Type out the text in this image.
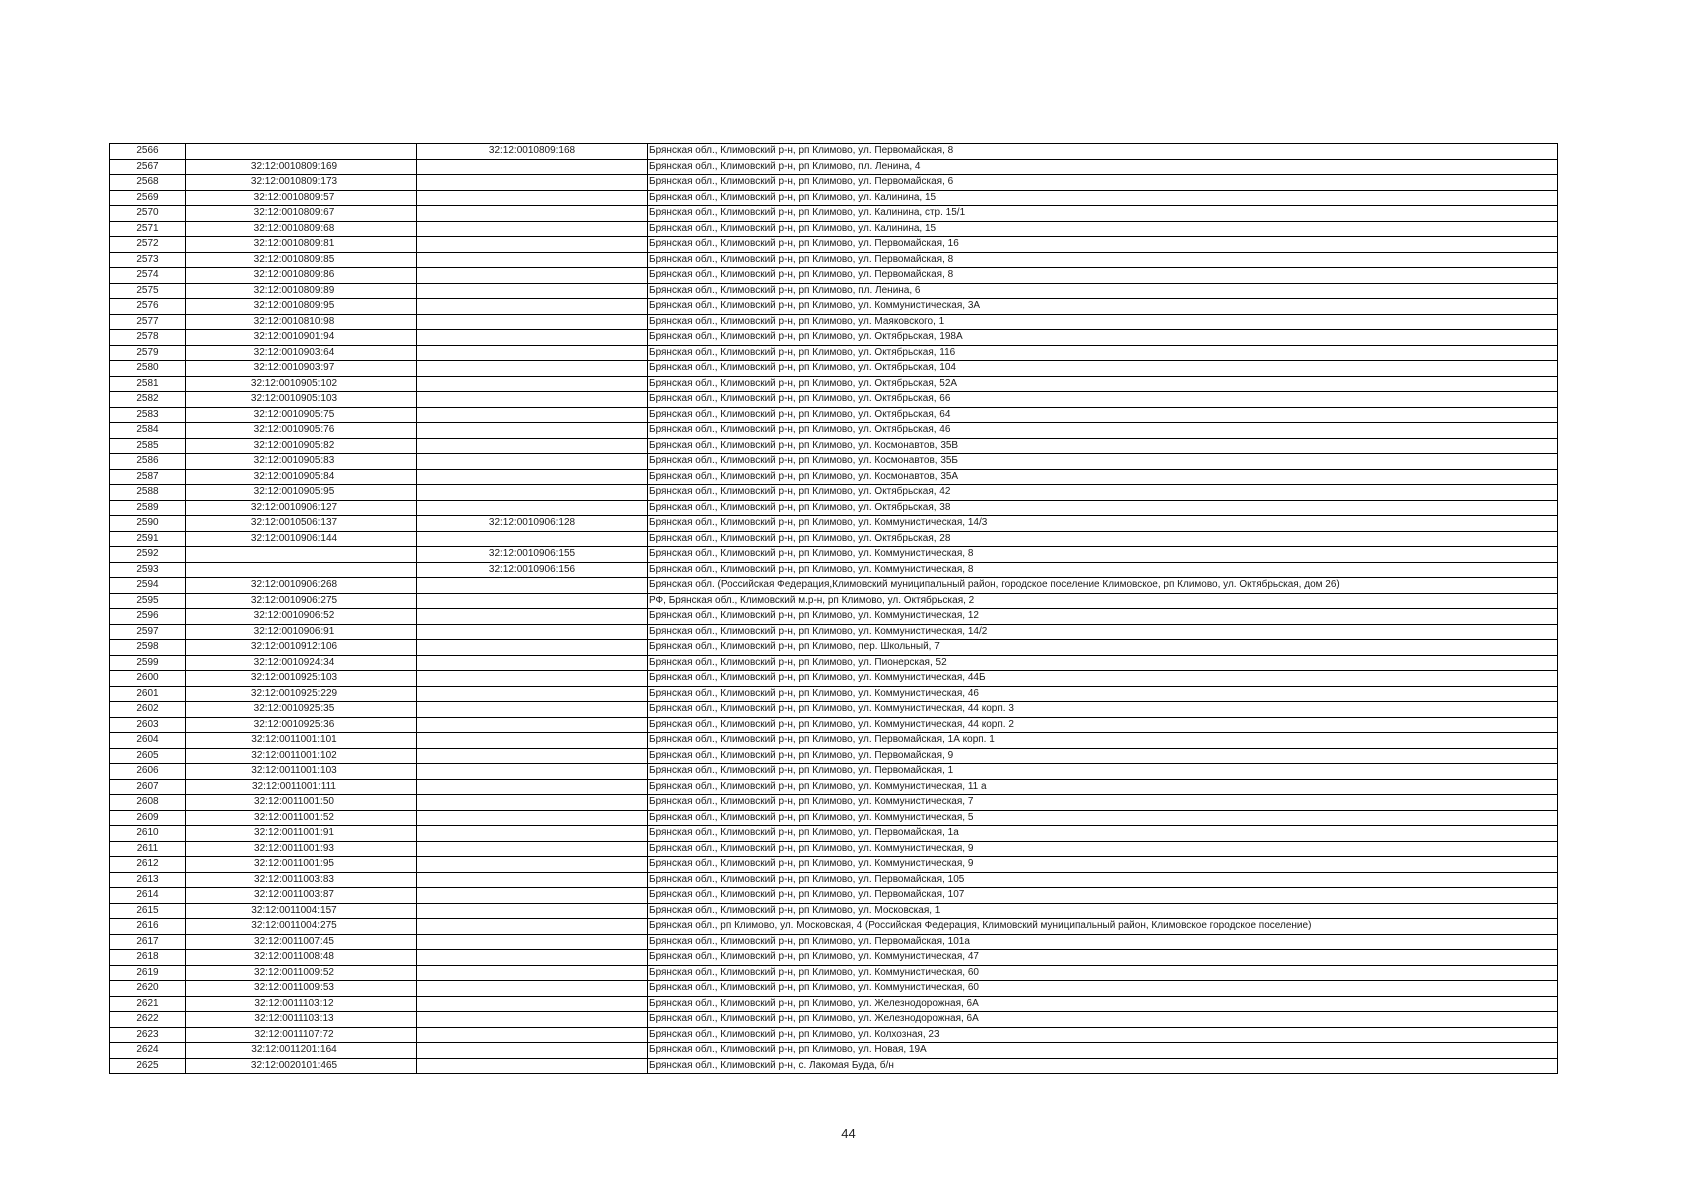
2566		32:12:0010809:168	Брянская обл., Климовский р-н, рп Климово, ул. Первомайская, 8
2567	32:12:0010809:169		Брянская обл., Климовский р-н, рп Климово, пл. Ленина, 4
2568	32:12:0010809:173		Брянская обл., Климовский р-н, рп Климово, ул. Первомайская, 6
2569	32:12:0010809:57		Брянская обл., Климовский р-н, рп Климово, ул. Калинина, 15
2570	32:12:0010809:67		Брянская обл., Климовский р-н, рп Климово, ул. Калинина, стр. 15/1
2571	32:12:0010809:68		Брянская обл., Климовский р-н, рп Климово, ул. Калинина, 15
2572	32:12:0010809:81		Брянская обл., Климовский р-н, рп Климово, ул. Первомайская, 16
2573	32:12:0010809:85		Брянская обл., Климовский р-н, рп Климово, ул. Первомайская, 8
2574	32:12:0010809:86		Брянская обл., Климовский р-н, рп Климово, ул. Первомайская, 8
2575	32:12:0010809:89		Брянская обл., Климовский р-н, рп Климово, пл. Ленина, 6
2576	32:12:0010809:95		Брянская обл., Климовский р-н, рп Климово, ул. Коммунистическая, 3А
2577	32:12:0010810:98		Брянская обл., Климовский р-н, рп Климово, ул. Маяковского, 1
2578	32:12:0010901:94		Брянская обл., Климовский р-н, рп Климово, ул. Октябрьская, 198А
2579	32:12:0010903:64		Брянская обл., Климовский р-н, рп Климово, ул. Октябрьская, 116
2580	32:12:0010903:97		Брянская обл., Климовский р-н, рп Климово, ул. Октябрьская, 104
2581	32:12:0010905:102		Брянская обл., Климовский р-н, рп Климово, ул. Октябрьская, 52А
2582	32:12:0010905:103		Брянская обл., Климовский р-н, рп Климово, ул. Октябрьская, 66
2583	32:12:0010905:75		Брянская обл., Климовский р-н, рп Климово, ул. Октябрьская, 64
2584	32:12:0010905:76		Брянская обл., Климовский р-н, рп Климово, ул. Октябрьская, 46
2585	32:12:0010905:82		Брянская обл., Климовский р-н, рп Климово, ул. Космонавтов, 35В
2586	32:12:0010905:83		Брянская обл., Климовский р-н, рп Климово, ул. Космонавтов, 35Б
2587	32:12:0010905:84		Брянская обл., Климовский р-н, рп Климово, ул. Космонавтов, 35А
2588	32:12:0010905:95		Брянская обл., Климовский р-н, рп Климово, ул. Октябрьская, 42
2589	32:12:0010906:127		Брянская обл., Климовский р-н, рп Климово, ул. Октябрьская, 38
2590	32:12:0010506:137	32:12:0010906:128	Брянская обл., Климовский р-н, рп Климово, ул. Коммунистическая, 14/3
2591	32:12:0010906:144		Брянская обл., Климовский р-н, рп Климово, ул. Октябрьская, 28
2592		32:12:0010906:155	Брянская обл., Климовский р-н, рп Климово, ул. Коммунистическая, 8
2593		32:12:0010906:156	Брянская обл., Климовский р-н, рп Климово, ул. Коммунистическая, 8
2594	32:12:0010906:268		Брянская обл. (Российская Федерация,Климовский муниципальный район, городское поселение Климовское, рп Климово, ул. Октябрьская, дом 26)
2595	32:12:0010906:275		РФ, Брянская обл., Климовский м.р-н, рп Климово, ул. Октябрьская, 2
2596	32:12:0010906:52		Брянская обл., Климовский р-н, рп Климово, ул. Коммунистическая, 12
2597	32:12:0010906:91		Брянская обл., Климовский р-н, рп Климово, ул. Коммунистическая, 14/2
2598	32:12:0010912:106		Брянская обл., Климовский р-н, рп Климово, пер. Школьный, 7
2599	32:12:0010924:34		Брянская обл., Климовский р-н, рп Климово, ул. Пионерская, 52
2600	32:12:0010925:103		Брянская обл., Климовский р-н, рп Климово, ул. Коммунистическая, 44Б
2601	32:12:0010925:229		Брянская обл., Климовский р-н, рп Климово, ул. Коммунистическая, 46
2602	32:12:0010925:35		Брянская обл., Климовский р-н, рп Климово, ул. Коммунистическая, 44 корп. 3
2603	32:12:0010925:36		Брянская обл., Климовский р-н, рп Климово, ул. Коммунистическая, 44 корп. 2
2604	32:12:0011001:101		Брянская обл., Климовский р-н, рп Климово, ул. Первомайская, 1А корп. 1
2605	32:12:0011001:102		Брянская обл., Климовский р-н, рп Климово, ул. Первомайская, 9
2606	32:12:0011001:103		Брянская обл., Климовский р-н, рп Климово, ул. Первомайская, 1
2607	32:12:0011001:111		Брянская обл., Климовский р-н, рп Климово, ул. Коммунистическая, 11 а
2608	32:12:0011001:50		Брянская обл., Климовский р-н, рп Климово, ул. Коммунистическая, 7
2609	32:12:0011001:52		Брянская обл., Климовский р-н, рп Климово, ул. Коммунистическая, 5
2610	32:12:0011001:91		Брянская обл., Климовский р-н, рп Климово, ул. Первомайская, 1а
2611	32:12:0011001:93		Брянская обл., Климовский р-н, рп Климово, ул. Коммунистическая, 9
2612	32:12:0011001:95		Брянская обл., Климовский р-н, рп Климово, ул. Коммунистическая, 9
2613	32:12:0011003:83		Брянская обл., Климовский р-н, рп Климово, ул. Первомайская, 105
2614	32:12:0011003:87		Брянская обл., Климовский р-н, рп Климово, ул. Первомайская, 107
2615	32:12:0011004:157		Брянская обл., Климовский р-н, рп Климово, ул. Московская, 1
2616	32:12:0011004:275		Брянская обл., рп Климово, ул. Московская, 4 (Российская Федерация, Климовский муниципальный район, Климовское городское поселение)
2617	32:12:0011007:45		Брянская обл., Климовский р-н, рп Климово, ул. Первомайская, 101а
2618	32:12:0011008:48		Брянская обл., Климовский р-н, рп Климово, ул. Коммунистическая, 47
2619	32:12:0011009:52		Брянская обл., Климовский р-н, рп Климово, ул. Коммунистическая, 60
2620	32:12:0011009:53		Брянская обл., Климовский р-н, рп Климово, ул. Коммунистическая, 60
2621	32:12:0011103:12		Брянская обл., Климовский р-н, рп Климово, ул. Железнодорожная, 6А
2622	32:12:0011103:13		Брянская обл., Климовский р-н, рп Климово, ул. Железнодорожная, 6А
2623	32:12:0011107:72		Брянская обл., Климовский р-н, рп Климово, ул. Колхозная, 23
2624	32:12:0011201:164		Брянская обл., Климовский р-н, рп Климово, ул. Новая, 19А
2625	32:12:0020101:465		Брянская обл., Климовский р-н, с. Лакомая Буда, б/н
44
